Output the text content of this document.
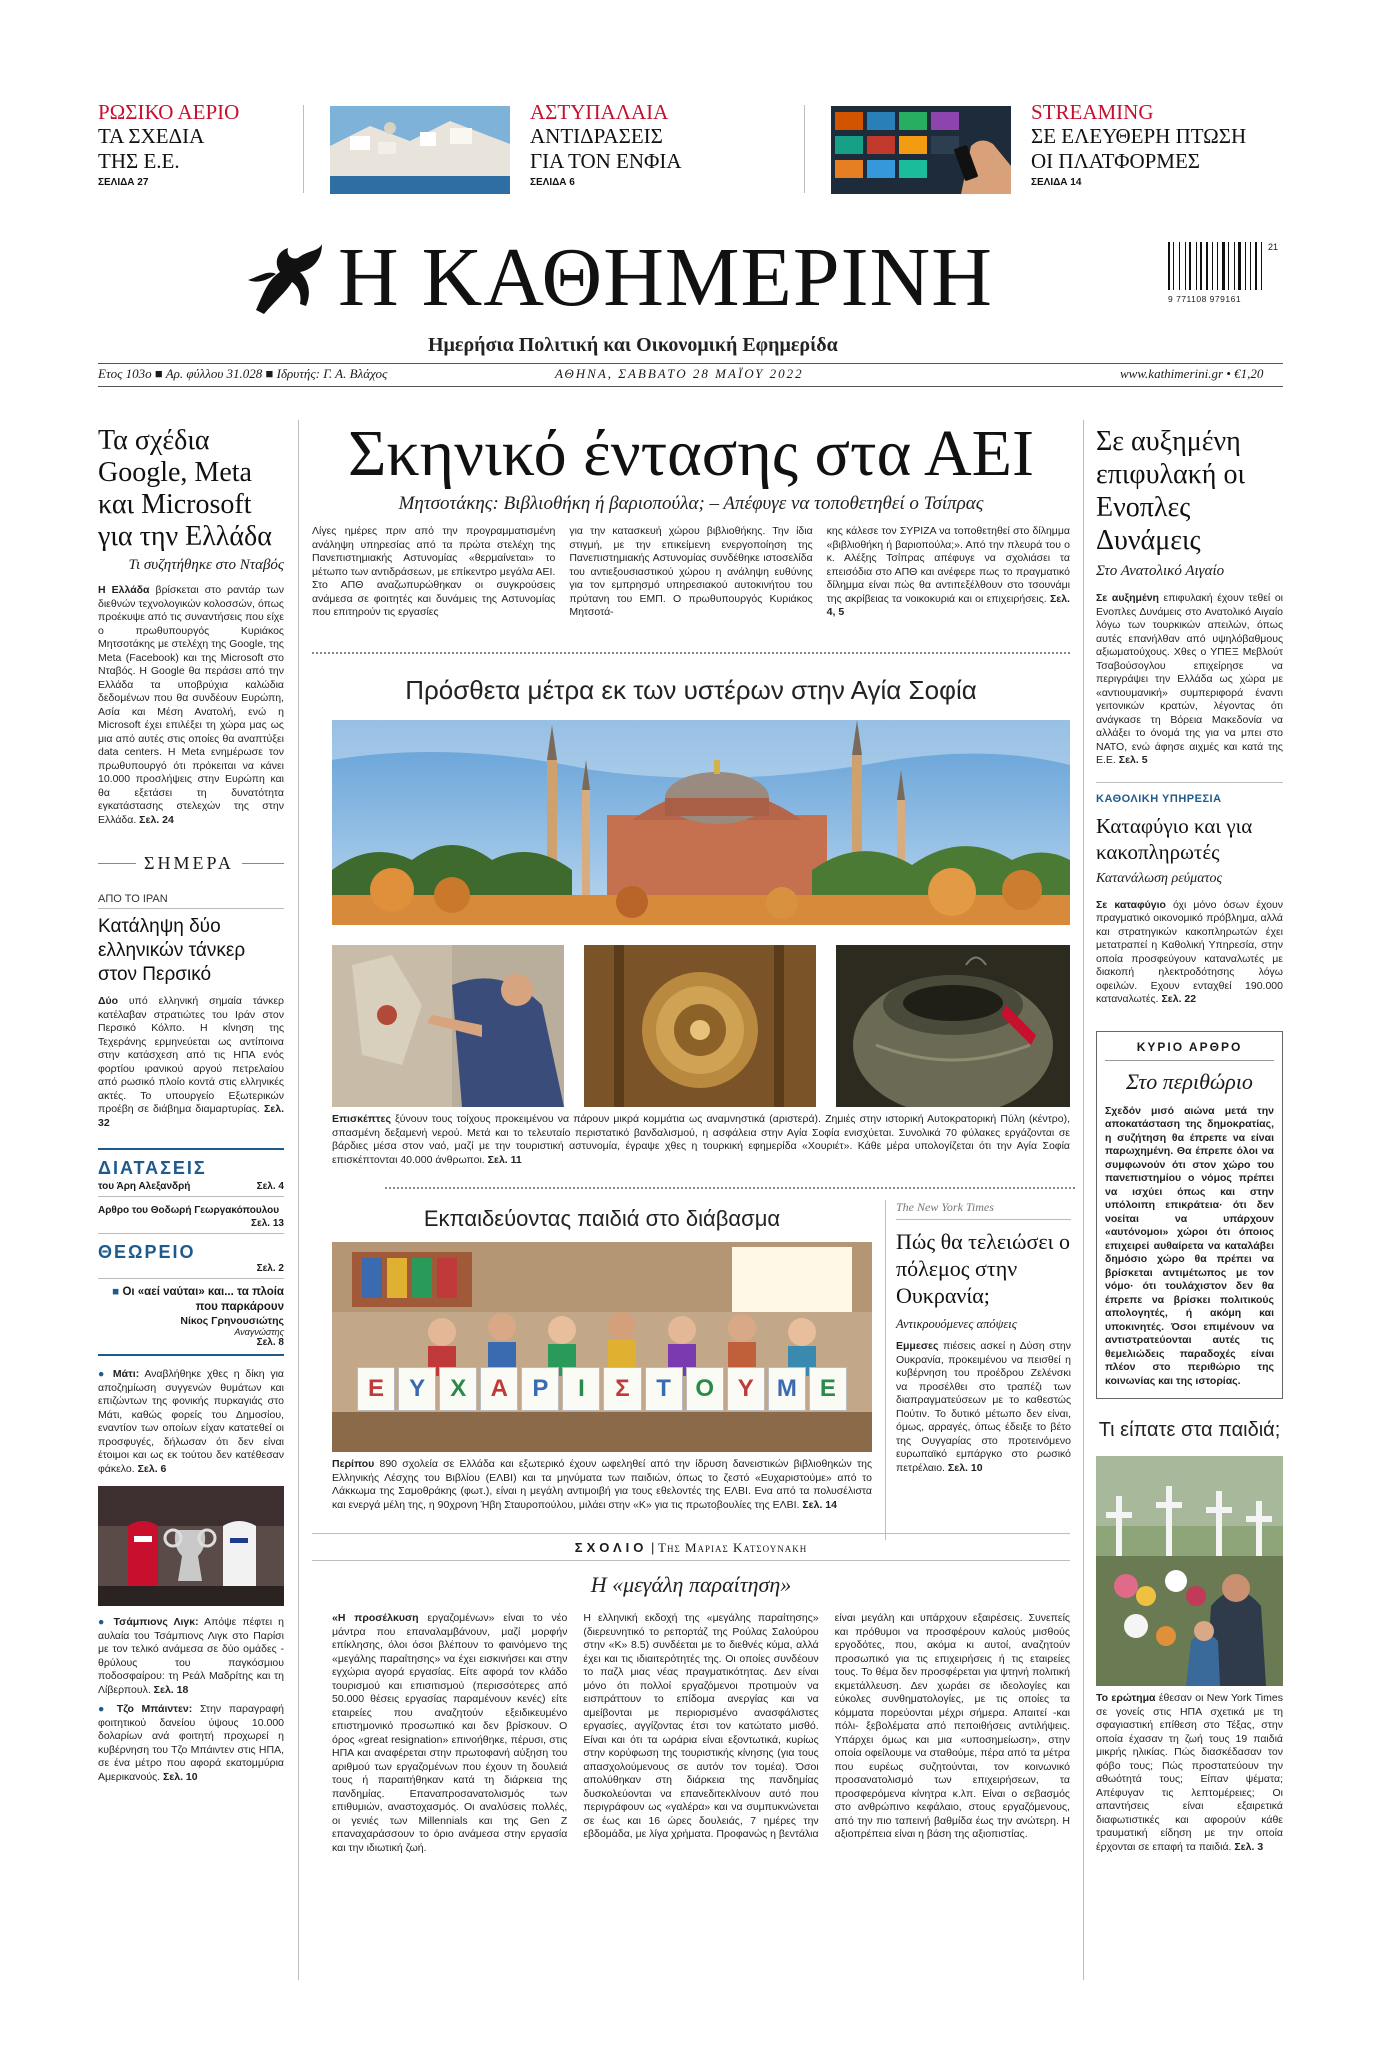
ΡΩΣΙΚΟ ΑΕΡΙΟ
ΤΑ ΣΧΕΔΙΑ ΤΗΣ Ε.Ε.
ΣΕΛΙΔΑ 27
ΑΣΤΥΠΑΛΑΙΑ
ΑΝΤΙΔΡΑΣΕΙΣ ΓΙΑ ΤΟΝ ΕΝΦΙΑ
ΣΕΛΙΔΑ 6
STREAMING
ΣΕ ΕΛΕΥΘΕΡΗ ΠΤΩΣΗ ΟΙ ΠΛΑΤΦΟΡΜΕΣ
ΣΕΛΙΔΑ 14
Η ΚΑΘΗΜΕΡΙΝΗ
Ημερήσια Πολιτική και Οικονομική Εφημερίδα
21
9 771108 979161
Ετος 103ο ■ Αρ. φύλλου 31.028 ■ Ιδρυτής: Γ. Α. Βλάχος	ΑΘΗΝΑ, ΣΑΒΒΑΤΟ 28 ΜΑΪΟΥ 2022	www.kathimerini.gr • €1,20
Τα σχέδια Google, Meta και Microsoft για την Ελλάδα
Τι συζητήθηκε στο Νταβός
Η Ελλάδα βρίσκεται στο ραντάρ των διεθνών τεχνολογικών κολοσσών, όπως προέκυψε από τις συναντήσεις που είχε ο πρωθυπουργός Κυριάκος Μητσοτάκης με στελέχη της Google, της Meta (Facebook) και της Microsoft στο Νταβός. Η Google θα περάσει από την Ελλάδα τα υποβρύχια καλώδια δεδομένων που θα συνδέουν Ευρώπη, Ασία και Μέση Ανατολή, ενώ η Microsoft έχει επιλέξει τη χώρα μας ως μια από αυτές στις οποίες θα αναπτύξει data centers. Η Meta ενημέρωσε τον πρωθυπουργό ότι πρόκειται να κάνει 10.000 προσλήψεις στην Ευρώπη και θα εξετάσει τη δυνατότητα εγκατάστασης στελεχών της στην Ελλάδα. Σελ. 24
ΣΗΜΕΡΑ
ΑΠΟ ΤΟ ΙΡΑΝ
Κατάληψη δύο ελληνικών τάνκερ στον Περσικό
Δύο υπό ελληνική σημαία τάνκερ κατέλαβαν στρατιώτες του Ιράν στον Περσικό Κόλπο. Η κίνηση της Τεχεράνης ερμηνεύεται ως αντίποινα στην κατάσχεση από τις ΗΠΑ ενός φορτίου ιρανικού αργού πετρελαίου από ρωσικό πλοίο κοντά στις ελληνικές ακτές. Το υπουργείο Εξωτερικών προέβη σε διάβημα διαμαρτυρίας. Σελ. 32
ΔΙΑΤΑΣΕΙΣ
του Άρη Αλεξανδρή	Σελ. 4
Αρθρο του Θοδωρή Γεωργακόπουλου
Σελ. 13
ΘΕΩΡΕΙΟ
Σελ. 2
■ Οι «αεί ναύται» και... τα πλοία που παρκάρουν
Νίκος Γρηνουσιώτης
Αναγνώστης
Σελ. 8
● Μάτι: Αναβλήθηκε χθες η δίκη για αποζημίωση συγγενών θυμάτων και επιζώντων της φονικής πυρκαγιάς στο Μάτι, καθώς φορείς του Δημοσίου, εναντίον των οποίων είχαν κατατεθεί οι προσφυγές, δήλωσαν ότι δεν είναι έτοιμοι και ως εκ τούτου δεν κατέθεσαν φάκελο. Σελ. 6
● Τσάμπιονς Λιγκ: Απόψε πέφτει η αυλαία του Τσάμπιονς Λιγκ στο Παρίσι με τον τελικό ανάμεσα σε δύο ομάδες - θρύλους του παγκόσμιου ποδοσφαίρου: τη Ρεάλ Μαδρίτης και τη Λίβερπουλ. Σελ. 18
● Τζο Μπάιντεν: Στην παραγραφή φοιτητικού δανείου ύψους 10.000 δολαρίων ανά φοιτητή προχωρεί η κυβέρνηση του Τζο Μπάιντεν στις ΗΠΑ, σε ένα μέτρο που αφορά εκατομμύρια Αμερικανούς. Σελ. 10
Σκηνικό έντασης στα ΑΕΙ
Μητσοτάκης: Βιβλιοθήκη ή βαριοπούλα; – Απέφυγε να τοποθετηθεί ο Τσίπρας
Λίγες ημέρες πριν από την προγραμματισμένη ανάληψη υπηρεσίας από τα πρώτα στελέχη της Πανεπιστημιακής Αστυνομίας «θερμαίνεται» το μέτωπο των αντιδράσεων, με επίκεντρο μεγάλα ΑΕΙ. Στο ΑΠΘ αναζωπυρώθηκαν οι συγκρούσεις ανάμεσα σε φοιτητές και δυνάμεις της Αστυνομίας που επιτηρούν τις εργασίες
για την κατασκευή χώρου βιβλιοθήκης. Την ίδια στιγμή, με την επικείμενη ενεργοποίηση της Πανεπιστημιακής Αστυνομίας συνδέθηκε ιστοσελίδα του αντιεξουσιαστικού χώρου η ανάληψη ευθύνης για τον εμπρησμό υπηρεσιακού αυτοκινήτου του πρύτανη του ΕΜΠ. Ο πρωθυπουργός Κυριάκος Μητσοτά-
κης κάλεσε τον ΣΥΡΙΖΑ να τοποθετηθεί στο δίλημμα «βιβλιοθήκη ή βαριοπούλα;». Από την πλευρά του ο κ. Αλέξης Τσίπρας απέφυγε να σχολιάσει τα επεισόδια στο ΑΠΘ και ανέφερε πως το πραγματικό δίλημμα είναι πώς θα αντιπεξέλθουν στο τσουνάμι της ακρίβειας τα νοικοκυριά και οι επιχειρήσεις. Σελ. 4, 5
Πρόσθετα μέτρα εκ των υστέρων στην Αγία Σοφία
Επισκέπτες ξύνουν τους τοίχους προκειμένου να πάρουν μικρά κομμάτια ως αναμνηστικά (αριστερά). Ζημιές στην ιστορική Αυτοκρατορική Πύλη (κέντρο), σπασμένη δεξαμενή νερού. Μετά και το τελευταίο περιστατικό βανδαλισμού, η ασφάλεια στην Αγία Σοφία ενισχύεται. Συνολικά 70 φύλακες εργάζονται σε βάρδιες μέσα στον ναό, μαζί με την τουριστική αστυνομία, έγραψε χθες η τουρκική εφημερίδα «Χουριέτ». Κάθε μέρα υπολογίζεται ότι την Αγία Σοφία επισκέπτονται 40.000 άνθρωποι. Σελ. 11
Εκπαιδεύοντας παιδιά στο διάβασμα
Ε	Υ	Χ	Α	Ρ	Ι	Σ	Τ	Ο Υ Μ Ε
Περίπου 890 σχολεία σε Ελλάδα και εξωτερικό έχουν ωφεληθεί από την ίδρυση δανειστικών βιβλιοθηκών της Ελληνικής Λέσχης του Βιβλίου (ΕΛΒΙ) και τα μηνύματα των παιδιών, όπως το ζεστό «Ευχαριστούμε» από το Λάκκωμα της Σαμοθράκης (φωτ.), είναι η μεγάλη αντιμοιβή για τους εθελοντές της ΕΛΒΙ. Ενα από τα πολυσέλιστα και ενεργά μέλη της, η 90χρονη Ήβη Σταυροπούλου, μιλάει στην «Κ» για τις πρωτοβουλίες της ΕΛΒΙ. Σελ. 14
The New York Times
Πώς θα τελειώσει ο πόλεμος στην Ουκρανία;
Αντικρουόμενες απόψεις
Εμμεσες πιέσεις ασκεί η Δύση στην Ουκρανία, προκειμένου να πεισθεί η κυβέρνηση του προέδρου Ζελένσκι να προσέλθει στο τραπέζι των διαπραγματεύσεων με το καθεστώς Πούτιν. Το δυτικό μέτωπο δεν είναι, όμως, αρραγές, όπως έδειξε το βέτο της Ουγγαρίας στο προτεινόμενο ευρωπαϊκό εμπάργκο στο ρωσικό πετρέλαιο. Σελ. 10
ΣΧΟΛΙΟ | Της Μαριας Κατσουνακη
Η «μεγάλη παραίτηση»
«Η προσέλκυση εργαζομένων» είναι το νέο μάντρα που επαναλαμβάνουν, μαζί μορφήν επίκλησης, όλοι όσοι βλέπουν το φαινόμενο της «μεγάλης παραίτησης» να έχει εισκινήσει και στην εγχώρια αγορά εργασίας. Είτε αφορά τον κλάδο τουρισμού και επισιτισμού (περισσότερες από 50.000 θέσεις εργασίας παραμένουν κενές) είτε εταιρείες που αναζητούν εξειδικευμένο επιστημονικό προσωπικό και δεν βρίσκουν. Ο όρος «great resignation» επινοήθηκε, πέρυσι, στις ΗΠΑ και αναφέρεται στην πρωτοφανή αύξηση του αριθμού των εργαζομένων που έχουν τη δουλειά τους ή παραιτήθηκαν κατά τη διάρκεια της πανδημίας. Επαναπροσανατολισμός των επιθυμιών, αναστοχασμός. Οι αναλύσεις πολλές, οι γενιές των Millennials και της Gen Z επαναχαράσσουν το όριο ανάμεσα στην εργασία και την ιδιωτική ζωή.
Η ελληνική εκδοχή της «μεγάλης παραίτησης» (διερευνητικό το ρεπορτάζ της Ρούλας Σαλούρου στην «Κ» 8.5) συνδέεται με το διεθνές κύμα, αλλά έχει και τις ιδιαιτερότητές της. Οι οποίες συνδέουν το παζλ μιας νέας πραγματικότητας. Δεν είναι μόνο ότι πολλοί εργαζόμενοι προτιμούν να εισπράττουν το επίδομα ανεργίας και να αμείβονται με περιορισμένο ανασφάλιστες εργασίες, αγγίζοντας έτσι τον κατώτατο μισθό. Είναι και ότι τα ωράρια είναι εξοντωτικά, κυρίως στην κορύφωση της τουριστικής κίνησης (για τους απασχολούμενους σε αυτόν τον τομέα). Όσοι απολύθηκαν στη διάρκεια της πανδημίας δυσκολεύονται να επανεδιτεκλίνουν αυτό που περιγράφουν ως «γαλέρα» και να συμπυκνώνεται σε έως και 16 ώρες δουλειάς, 7 ημέρες την εβδομάδα, με λίγα χρήματα. Προφανώς η βεντάλια
είναι μεγάλη και υπάρχουν εξαιρέσεις. Συνεπείς και πρόθυμοι να προσφέρουν καλούς μισθούς εργοδότες, που, ακόμα κι αυτοί, αναζητούν προσωπικό για τις επιχειρήσεις ή τις εταιρείες τους. Το θέμα δεν προσφέρεται για ψτηνή πολιτική εκμετάλλευση. Δεν χωράει σε ιδεολογίες και εύκολες συνθηματολογίες, με τις οποίες τα κόμματα πορεύονται μέχρι σήμερα. Απαιτεί -και πόλι- ξεβολέματα από πεποιθήσεις αντιλήψεις. Υπάρχει όμως και μια «υποσημείωση», στην οποία οφείλουμε να σταθούμε, πέρα από τα μέτρα που ευρέως συζητούνται, τον κοινωνικό προσανατολισμό των επιχειρήσεων, τα προσφερόμενα κίνητρα κ.λπ. Είναι ο σεβασμός στο ανθρώπινο κεφάλαιο, στους εργαζόμενους, από την πιο ταπεινή βαθμίδα έως την ανώτερη. Η αξιοπρέπεια είναι η βάση της αξιοπιστίας.
Σε αυξημένη επιφυλακή οι Ενοπλες Δυνάμεις
Στο Ανατολικό Αιγαίο
Σε αυξημένη επιφυλακή έχουν τεθεί οι Ενοπλες Δυνάμεις στο Ανατολικό Αιγαίο λόγω των τουρκικών απειλών, όπως αυτές επανήλθαν από υψηλόβαθμους αξιωματούχους. Χθες ο ΥΠΕΞ Μεβλούτ Τσαβούσογλου επιχείρησε να περιγράψει την Ελλάδα ως χώρα με «αντιουμανική» συμπεριφορά έναντι γειτονικών κρατών, λέγοντας ότι ανάγκασε τη Βόρεια Μακεδονία να αλλάξει το όνομά της για να μπει στο ΝΑΤΟ, ενώ άφησε αιχμές και κατά της Ε.Ε. Σελ. 5
ΚΑΘΟΛΙΚΗ ΥΠΗΡΕΣΙΑ
Καταφύγιο και για κακοπληρωτές
Κατανάλωση ρεύματος
Σε καταφύγιο όχι μόνο όσων έχουν πραγματικό οικονομικό πρόβλημα, αλλά και στρατηγικών κακοπληρωτών έχει μετατραπεί η Καθολική Υπηρεσία, στην οποία προσφεύγουν καταναλωτές με διακοπή ηλεκτροδότησης λόγω οφειλών. Εχουν ενταχθεί 190.000 καταναλωτές. Σελ. 22
ΚΥΡΙΟ ΑΡΘΡΟ
Στο περιθώριο
Σχεδόν μισό αιώνα μετά την αποκατάσταση της δημοκρατίας, η συζήτηση θα έπρεπε να είναι παρωχημένη. Θα έπρεπε όλοι να συμφωνούν ότι στον χώρο του πανεπιστημίου ο νόμος πρέπει να ισχύει όπως και στην υπόλοιπη επικράτεια· ότι δεν νοείται να υπάρχουν «αυτόνομοι» χώροι ότι όποιος επιχειρεί αυθαίρετα να καταλάβει δημόσιο χώρο θα πρέπει να βρίσκεται αντιμέτωπος με τον νόμο· ότι τουλάχιστον δεν θα έπρεπε να βρίσκει πολιτικούς απολογητές, ή ακόμη και υποκινητές. Όσοι επιμένουν να αντιστρατεύονται αυτές τις θεμελιώδεις παραδοχές είναι πλέον στο περιθώριο της κοινωνίας και της ιστορίας.
Τι είπατε στα παιδιά;
Το ερώτημα έθεσαν οι New York Times σε γονείς στις ΗΠΑ σχετικά με τη σφαγιαστική επίθεση στο Τέξας, στην οποία έχασαν τη ζωή τους 19 παιδιά μικρής ηλικίας. Πώς διασκέδασαν τον φόβο τους; Πώς προστατεύουν την αθωότητά τους; Είπαν ψέματα; Απέφυγαν τις λεπτομέρειες; Οι απαντήσεις είναι εξαιρετικά διαφωτιστικές και αφορούν κάθε τραυματική είδηση με την οποία έρχονται σε επαφή τα παιδιά. Σελ. 3
